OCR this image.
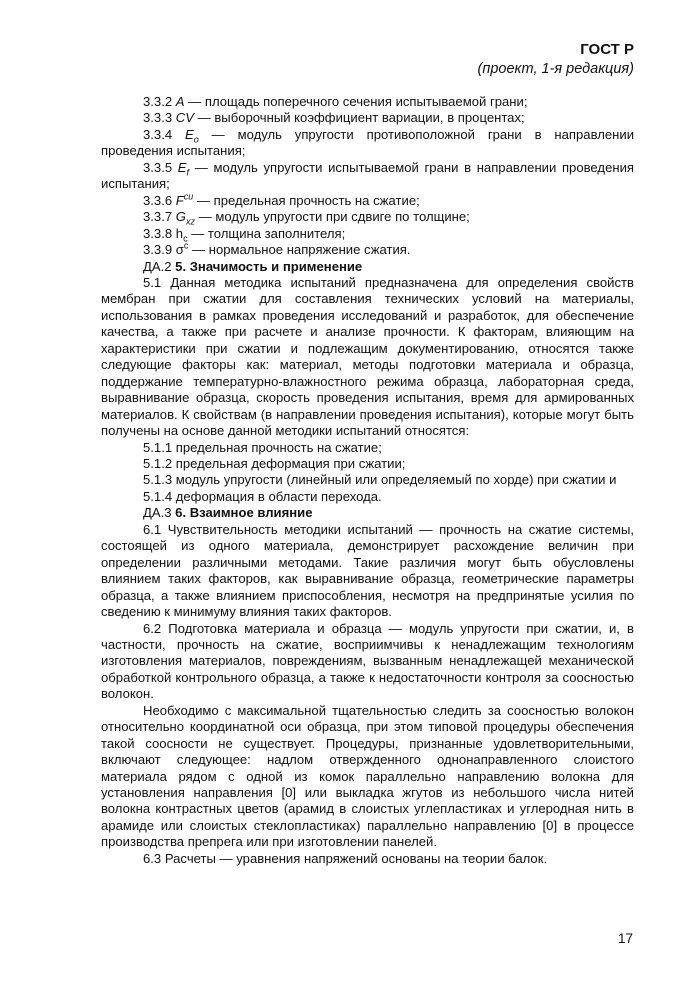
ГОСТ Р
(проект, 1-я редакция)

3.3.2 A — площадь поперечного сечения испытываемой грани;

3.3.3 CV — выборочный коэффициент вариации, в процентах;

3.3.4 $E_o$ — модуль упругости противоположной грани в направлении проведения испытания;

3.3.5 $E_f$ — модуль упругости испытываемой грани в направлении проведения испытания;

3.3.6 $F^{cu}$ — предельная прочность на сжатие;

3.3.7 $G_{xz}$ — модуль упругости при сдвиге по толщине;

3.3.8 $h_c$ — толщина заполнителя;

3.3.9 $\sigma^c$ — нормальное напряжение сжатия.

ДА.2 5. Значимость и применение

5.1 Данная методика испытаний предназначена для определения свойств мембран при сжатии для составления технических условий на материалы, использования в рамках проведения исследований и разработок, для обеспечение качества, а также при расчете и анализе прочности. К факторам, влияющим на характеристики при сжатии и подлежащим документированию, относятся также следующие факторы как: материал, методы подготовки материала и образца, поддержание температурно-влажностного режима образца, лабораторная среда, выравнивание образца, скорость проведения испытания, время для армированных материалов. К свойствам (в направлении проведения испытания), которые могут быть получены на основе данной методики испытаний относятся:

5.1.1 предельная прочность на сжатие;

5.1.2 предельная деформация при сжатии;

5.1.3 модуль упругости (линейный или определяемый по хорде) при сжатии и

5.1.4 деформация в области перехода.

ДА.3 6. Взаимное влияние

6.1 Чувствительность методики испытаний — прочность на сжатие системы, состоящей из одного материала, демонстрирует расхождение величин при определении различными методами. Такие различия могут быть обусловлены влиянием таких факторов, как выравнивание образца, геометрические параметры образца, а также влиянием приспособления, несмотря на предпринятые усилия по сведению к минимуму влияния таких факторов.

6.2 Подготовка материала и образца — модуль упругости при сжатии, и, в частности, прочность на сжатие, восприимчивы к ненадлежащим технологиям изготовления материалов, повреждениям, вызванным ненадлежащей механической обработкой контрольного образца, а также к недостаточности контроля за соосностью волокон.

Необходимо с максимальной тщательностью следить за соосностью волокон относительно координатной оси образца, при этом типовой процедуры обеспечения такой соосности не существует. Процедуры, признанные удовлетворительными, включают следующее: надлом отвержденного однонаправленного слоистого материала рядом с одной из комок параллельно направлению волокна для установления направления [0] или выкладка жгутов из небольшого числа нитей волокна контрастных цветов (арамид в слоистых углепластиках и углеродная нить в арамиде или слоистых стеклопластиках) параллельно направлению [0] в процессе производства препрега или при изготовлении панелей.

6.3 Расчеты — уравнения напряжений основаны на теории балок.

17
